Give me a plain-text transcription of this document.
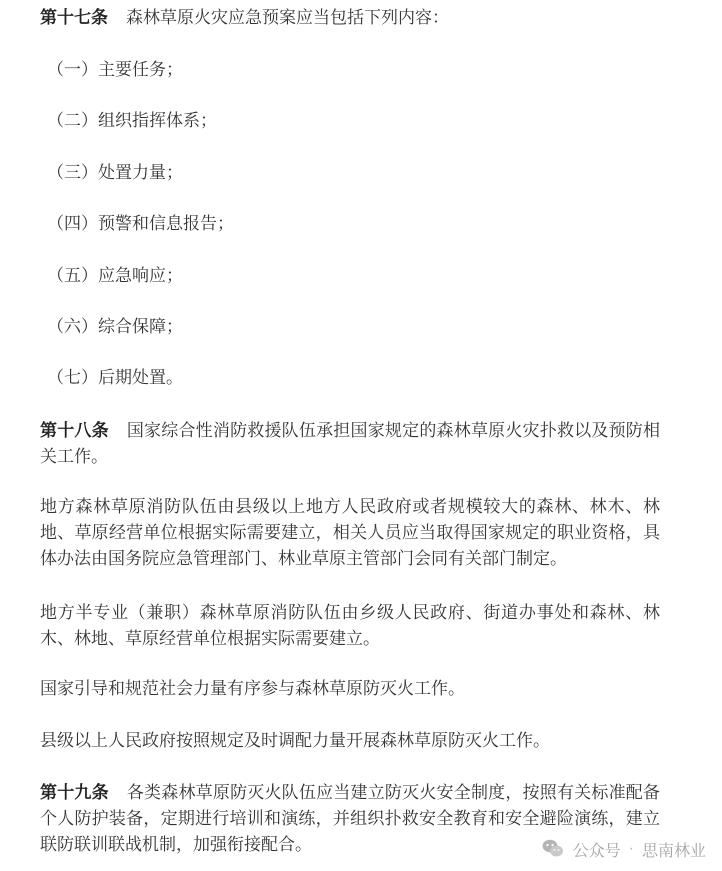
第十七条 森林草原火灾应急预案应当包括下列内容：
（一）主要任务；
（二）组织指挥体系；
（三）处置力量；
（四）预警和信息报告；
（五）应急响应；
（六）综合保障；
（七）后期处置。

第十八条 国家综合性消防救援队伍承担国家规定的森林草原火灾扑救以及预防相关工作。

地方森林草原消防队伍由县级以上地方人民政府或者规模较大的森林、林木、林地、草原经营单位根据实际需要建立，相关人员应当取得国家规定的职业资格，具体办法由国务院应急管理部门、林业草原主管部门会同有关部门制定。

地方半专业（兼职）森林草原消防队伍由乡级人民政府、街道办事处和森林、林木、林地、草原经营单位根据实际需要建立。

国家引导和规范社会力量有序参与森林草原防灭火工作。

县级以上人民政府按照规定及时调配力量开展森林草原防灭火工作。

第十九条 各类森林草原防灭火队伍应当建立防灭火安全制度，按照有关标准配备个人防护装备，定期进行培训和演练，并组织扑救安全教育和安全避险演练，建立联防联训联战机制，加强衔接配合。	公众号 · 思南林业
